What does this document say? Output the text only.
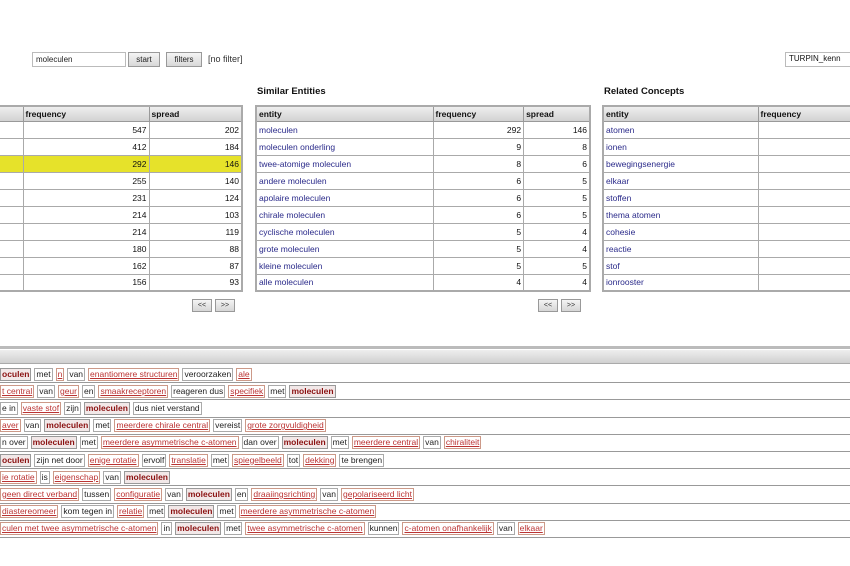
moleculen
start	filters	[no filter]	TURPIN_kenn
	frequency	spread
	547	202
	412	184
	292	146
	255	140
	231	124
	214	103
	214	119
	180	88
	162	87
	156	93
<< >>
Similar Entities
entity	frequency	spread
moleculen	292	146
moleculen onderling	9	8
twee-atomige moleculen	8	6
andere moleculen	6	5
apolaire moleculen	6	5
chirale moleculen	6	5
cyclische moleculen	5	4
grote moleculen	5	4
kleine moleculen	5	5
alle moleculen	4	4
<< >>
Related Concepts
entity	frequency
atomen	
ionen	
bewegingsenergie	
elkaar	
stoffen	
thema atomen	
cohesie	
reactie	
stof	
ionrooster	
oculen met n van enantiomere structuren veroorzaken ale
t central van geur en smaakreceptoren reageren dus specifiek met moleculen
e in vaste stof zijn moleculen dus niet verstand
aver van moleculen met meerdere chirale central vereist grote zorgvuldigheid
n over moleculen met meerdere asymmetrische c-atomen dan over moleculen met meerdere central van chiraliteit
oculen zijn net door enige rotatie ervolf translatie met spiegelbeeld tot dekking te brengen
ie rotatie is eigenschap van moleculen
geen direct verband tussen configuratie van moleculen en draaiingsrichting van gepolariseerd licht
diastereomeer kom tegen in relatie met moleculen met meerdere asymmetrische c-atomen
culen met twee asymmetrische c-atomen in moleculen met twee asymmetrische c-atomen kunnen c-atomen onafhankelijk van elkaar
